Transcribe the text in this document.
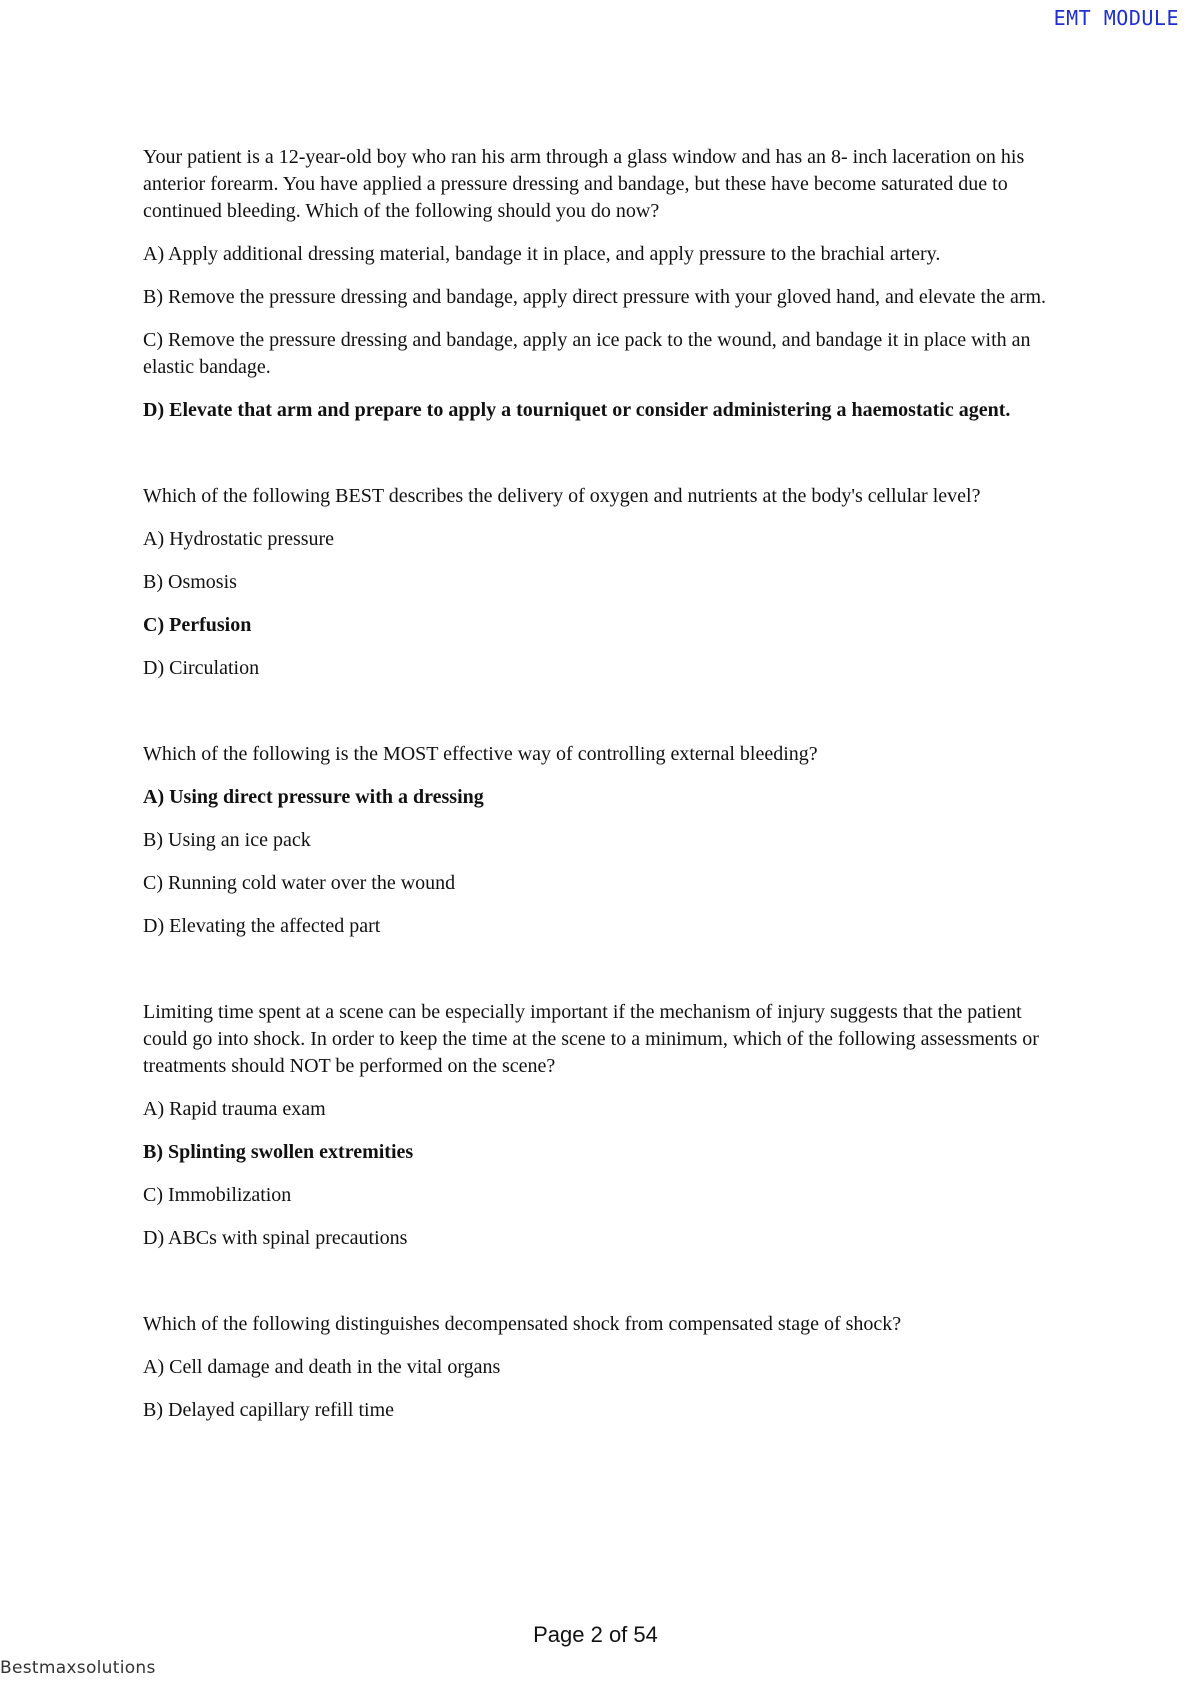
EMT MODULE

Your patient is a 12-year-old boy who ran his arm through a glass window and has an 8- inch laceration on his anterior forearm. You have applied a pressure dressing and bandage, but these have become saturated due to continued bleeding. Which of the following should you do now?

A) Apply additional dressing material, bandage it in place, and apply pressure to the brachial artery.

B) Remove the pressure dressing and bandage, apply direct pressure with your gloved hand, and elevate the arm.

C) Remove the pressure dressing and bandage, apply an ice pack to the wound, and bandage it in place with an elastic bandage.

D) Elevate that arm and prepare to apply a tourniquet or consider administering a haemostatic agent.

Which of the following BEST describes the delivery of oxygen and nutrients at the body's cellular level?

A) Hydrostatic pressure

B) Osmosis

C) Perfusion

D) Circulation

Which of the following is the MOST effective way of controlling external bleeding?

A) Using direct pressure with a dressing

B) Using an ice pack

C) Running cold water over the wound

D) Elevating the affected part

Limiting time spent at a scene can be especially important if the mechanism of injury suggests that the patient could go into shock. In order to keep the time at the scene to a minimum, which of the following assessments or treatments should NOT be performed on the scene?

A) Rapid trauma exam

B) Splinting swollen extremities

C) Immobilization

D) ABCs with spinal precautions

Which of the following distinguishes decompensated shock from compensated stage of shock?

A) Cell damage and death in the vital organs

B) Delayed capillary refill time

Page 2 of 54
Bestmaxsolutions
